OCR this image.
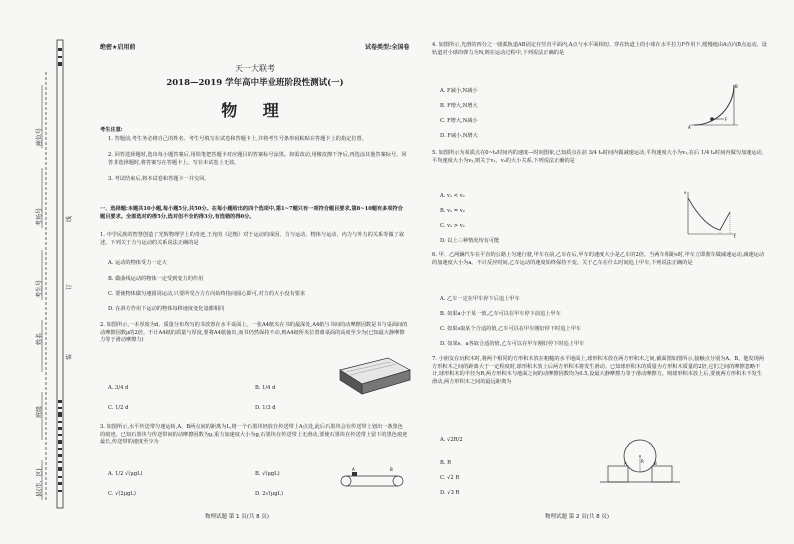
座位号
考场号
考生号
姓名
班级
县(市、区)
线
订
装
绝密★启用前	试卷类型:全国卷
天一大联考
2018—2019 学年高中毕业班阶段性测试(一)
物 理
考生注意:
1. 答题前,考生务必将自己的姓名、考生号填写在试卷和答题卡上,并将考生号条形码粘贴在答题卡上的指定位置。
2. 回答选择题时,选出每小题答案后,用铅笔把答题卡对应题目的答案标号涂黑。如需改动,用橡皮擦干净后,再选涂其他答案标号。回答非选择题时,将答案写在答题卡上。写在本试卷上无效。
3. 考试结束后,将本试卷和答题卡一并交回。
一、选择题:本题共10小题,每小题5分,共50分。在每小题给出的四个选项中,第1~7题只有一项符合题目要求,第8~10题有多项符合题目要求。全部选对的得5分,选对但不全的得3分,有选错的得0分。
1. 中学民族的智慧创造了光辉物理学上的奇迹,王充的《论衡》对于运动的成因、力与运动、物体与运动、内力与外力的关系等做了叙述。下列关于力与运动的关系说法正确的是
A. 运动的物体受力一定大
B. 做曲线运动的物体一定受到变力的作用
C. 要使物体做匀速圆周运动,只要所受合力方向始终指向圆心即可,对力的大小没有要求
D. 在斜方作用下运动的物体每移速度变化量都相同
2. 如图所示,一本厚度为d、质量分布均匀的书放置在水平桌面上。一张A4纸夹在书的最深处,A4纸与书间的动摩擦因数是书与桌面间的动摩擦因数μ的2倍。不计A4纸的质量与厚度,要将A4纸抽出,而书仍然保持不动,则A4纸所夹位置离桌面的高度至少为(已知最大静摩擦力等于滑动摩擦力)
A. 3/4 d	B. 1/4 d
C. 1/2 d	D. 1/3 d
3. 如图所示,水平传送带匀速运转,A、B两点间的距离为L,将一个石墨块轻放在传送带上A点处,此后石墨块会在传送带上划出一条黑色的痕迹。已知石墨块与传送带间的动摩擦因数为μ,重力加速度大小为g,石墨块在传送带上无滑动,要使石墨块在传送带上留下的黑色痕迹最长,传送带的速度至少为
A. 1/2 √(μgL)	B. √(μgL)
C. √(2μgL)	D. 2√(μgL)
A	B
物理试题 第 1 页(共 8 页)
4. 如图所示,光滑的四分之一圆弧轨道AB固定在竖直平面内,A点与水平面相切。穿在轨道上的小球在水平拉力F作用下,缓慢地由A点向B点运动。设轨道对小球的弹力为N,则在运动过程中,下列说法正确的是
A. F减小,N减小
B. F增大,N增大
C. F增大,N减小
D. F减小,N增大
F
A
B
5. 如图所示为某质点在0~t₀时间内的速度—时间图象,已知质点在前 3/4 t₀时间内做减速运动,平均速度大小为v₁,在后 1/4 t₀时间内做匀加速运动,平均速度大小为v₂,则关于v₁、v₂的大小关系,下列说法正确的是
A. v₁ < v₂
B. v₁ = v₂
C. v₁ > v₂
D. 以上三种情况均有可能
v
t
6. 甲、乙两辆汽车在平直的公路上匀速行驶,甲车在前,乙车在后,甲车的速度大小是乙车的2倍。当两车相距s时,甲车立即刹车做减速运动,减速运动的加速度大小为a。不计反应时间,乙车运动的速度始终保持不变。关于乙车在什么时间追上甲车,下列说法正确的是
A. 乙车一定在甲车停下后追上甲车
B. 如果a小于某一值,乙车可以在甲车停下前追上甲车
C. 如果s取某个合适的值,乙车可以在甲车刚好停下时追上甲车
D. 如果s、a各取合适的值,乙车可以在甲车刚好停下时追上甲车
7. 小朋友在玩积木时,将两个相同的方形积木放在粗糙的水平地面上,球形积木放在两方形积木之间,截面图如图所示,接触点分别为A、B。他发现两方形积木之间的距离大于一定程度时,球形积木放上后两方形积木将发生滑动。已知球形积木的质量为方形积木质量的2倍,它们之间的摩擦忽略不计,球形积木的半径为R,两方形积木与地面之间的动摩擦因数均为0.5,设最大静摩擦力等于滑动摩擦力。则球形积木放上后,要使两方形积木不发生滑动,两方形积木之间的最远距离为
A. √2R/2
B. R
C. √2 R
D. √3 R
R
A	B
物理试题 第 2 页(共 8 页)
